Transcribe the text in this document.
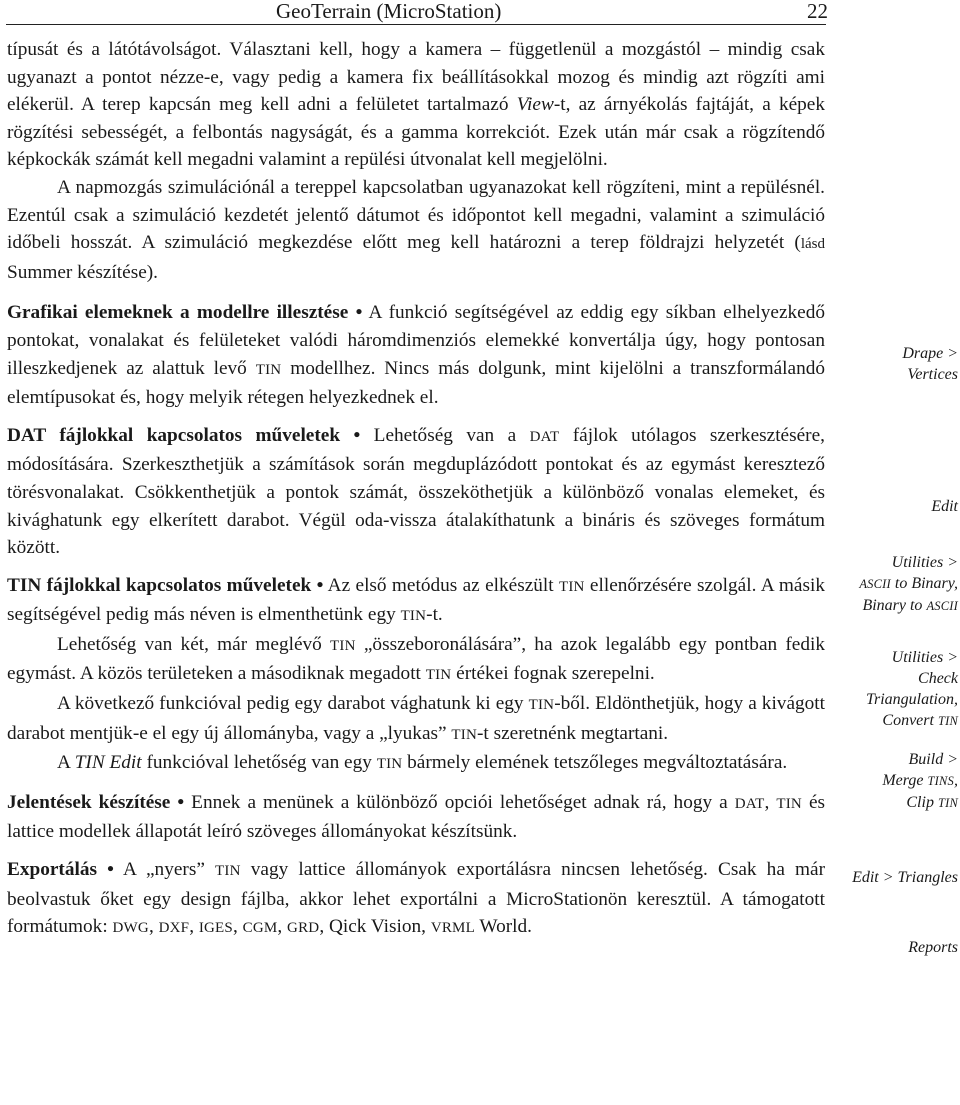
GeoTerrain (MicroStation)	22

típusát és a látótávolságot. Választani kell, hogy a kamera – függetlenül a mozgástól – mindig csak ugyanazt a pontot nézze-e, vagy pedig a kamera fix beállításokkal mozog és mindig azt rögzíti ami elékerül. A terep kapcsán meg kell adni a felületet tartalmazó View-t, az árnyékolás fajtáját, a képek rögzítési sebességét, a felbontás nagyságát, és a gamma korrekciót. Ezek után már csak a rögzítendő képkockák számát kell megadni valamint a repülési útvonalat kell megjelölni.

A napmozgás szimulációnál a tereppel kapcsolatban ugyanazokat kell rögzíteni, mint a repülésnél. Ezentúl csak a szimuláció kezdetét jelentő dátumot és időpontot kell megadni, valamint a szimuláció időbeli hosszát. A szimuláció megkezdése előtt meg kell határozni a terep földrajzi helyzetét (lásd Summer készítése).

Grafikai elemeknek a modellre illesztése • A funkció segítségével az eddig egy síkban elhelyezkedő pontokat, vonalakat és felületeket valódi háromdimenziós elemekké konvertálja úgy, hogy pontosan illeszkedjenek az alattuk levő TIN modellhez. Nincs más dolgunk, mint kijelölni a transzformálandó elemtípusokat és, hogy melyik rétegen helyezkednek el.

DAT fájlokkal kapcsolatos műveletek • Lehetőség van a DAT fájlok utólagos szerkesztésére, módosítására. Szerkeszthetjük a számítások során megduplázódott pontokat és az egymást keresztező törésvonalakat. Csökkenthetjük a pontok számát, összeköthetjük a különböző vonalas elemeket, és kivághatunk egy elkerített darabot. Végül oda-vissza átalakíthatunk a bináris és szöveges formátum között.

TIN fájlokkal kapcsolatos műveletek • Az első metódus az elkészült TIN ellenőrzésére szolgál. A másik segítségével pedig más néven is elmenthetünk egy TIN-t.

Lehetőség van két, már meglévő TIN „összeboronálására”, ha azok legalább egy pontban fedik egymást. A közös területeken a másodiknak megadott TIN értékei fognak szerepelni.

A következő funkcióval pedig egy darabot vághatunk ki egy TIN-ből. Eldönthetjük, hogy a kivágott darabot mentjük-e el egy új állományba, vagy a „lyukas” TIN-t szeretnénk megtartani.

A TIN Edit funkcióval lehetőség van egy TIN bármely elemének tetszőleges megváltoztatására.

Jelentések készítése • Ennek a menünek a különböző opciói lehetőséget adnak rá, hogy a DAT, TIN és lattice modellek állapotát leíró szöveges állományokat készítsünk.

Exportálás • A „nyers” TIN vagy lattice állományok exportálásra nincsen lehetőség. Csak ha már beolvastuk őket egy design fájlba, akkor lehet exportálni a MicroStationön keresztül. A támogatott formátumok: DWG, DXF, IGES, CGM, GRD, Qick Vision, VRML World.

Drape >
Vertices
Edit
Utilities >
ASCII to Binary,
Binary to ASCII
Utilities >
Check
Triangulation,
Convert TIN
Build >
Merge TINS,
Clip TIN
Edit > Triangles
Reports
